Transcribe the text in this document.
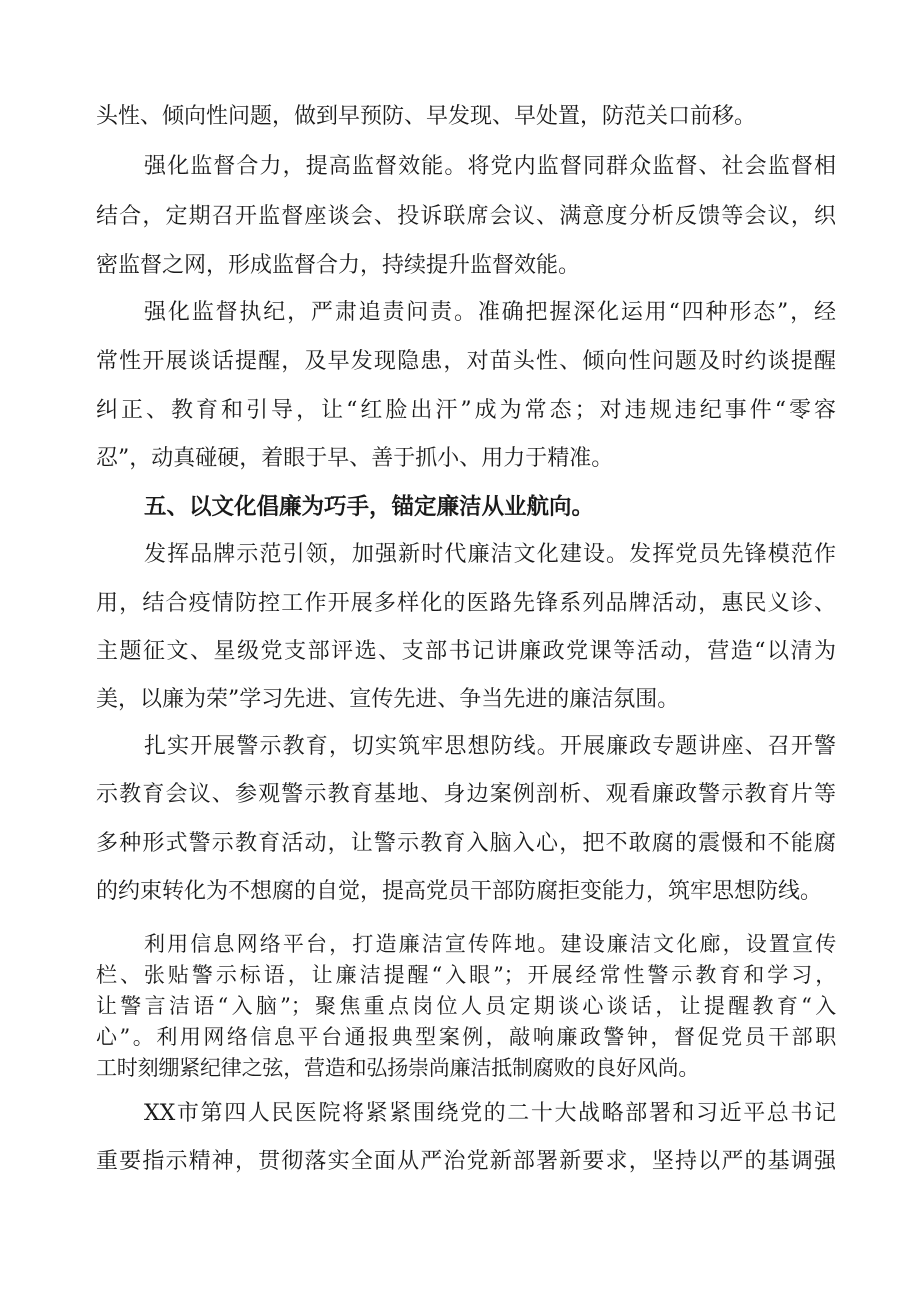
头性、倾向性问题，做到早预防、早发现、早处置，防范关口前移。
强化监督合力，提高监督效能。将党内监督同群众监督、社会监督相
结合，定期召开监督座谈会、投诉联席会议、满意度分析反馈等会议，织
密监督之网，形成监督合力，持续提升监督效能。
强化监督执纪，严肃追责问责。准确把握深化运用“四种形态”，经
常性开展谈话提醒，及早发现隐患，对苗头性、倾向性问题及时约谈提醒
纠正、教育和引导，让“红脸出汗”成为常态；对违规违纪事件“零容
忍”，动真碰硬，着眼于早、善于抓小、用力于精准。
五、以文化倡廉为巧手，锚定廉洁从业航向。
发挥品牌示范引领，加强新时代廉洁文化建设。发挥党员先锋模范作
用，结合疫情防控工作开展多样化的医路先锋系列品牌活动，惠民义诊、
主题征文、星级党支部评选、支部书记讲廉政党课等活动，营造“以清为
美，以廉为荣”学习先进、宣传先进、争当先进的廉洁氛围。
扎实开展警示教育，切实筑牢思想防线。开展廉政专题讲座、召开警
示教育会议、参观警示教育基地、身边案例剖析、观看廉政警示教育片等
多种形式警示教育活动，让警示教育入脑入心，把不敢腐的震慑和不能腐
的约束转化为不想腐的自觉，提高党员干部防腐拒变能力，筑牢思想防线。
利用信息网络平台，打造廉洁宣传阵地。建设廉洁文化廊，设置宣传
栏、张贴警示标语，让廉洁提醒“入眼”；开展经常性警示教育和学习，
让警言洁语“入脑”；聚焦重点岗位人员定期谈心谈话，让提醒教育“入
心”。利用网络信息平台通报典型案例，敲响廉政警钟，督促党员干部职
工时刻绷紧纪律之弦，营造和弘扬崇尚廉洁抵制腐败的良好风尚。
XX市第四人民医院将紧紧围绕党的二十大战略部署和习近平总书记
重要指示精神，贯彻落实全面从严治党新部署新要求，坚持以严的基调强
